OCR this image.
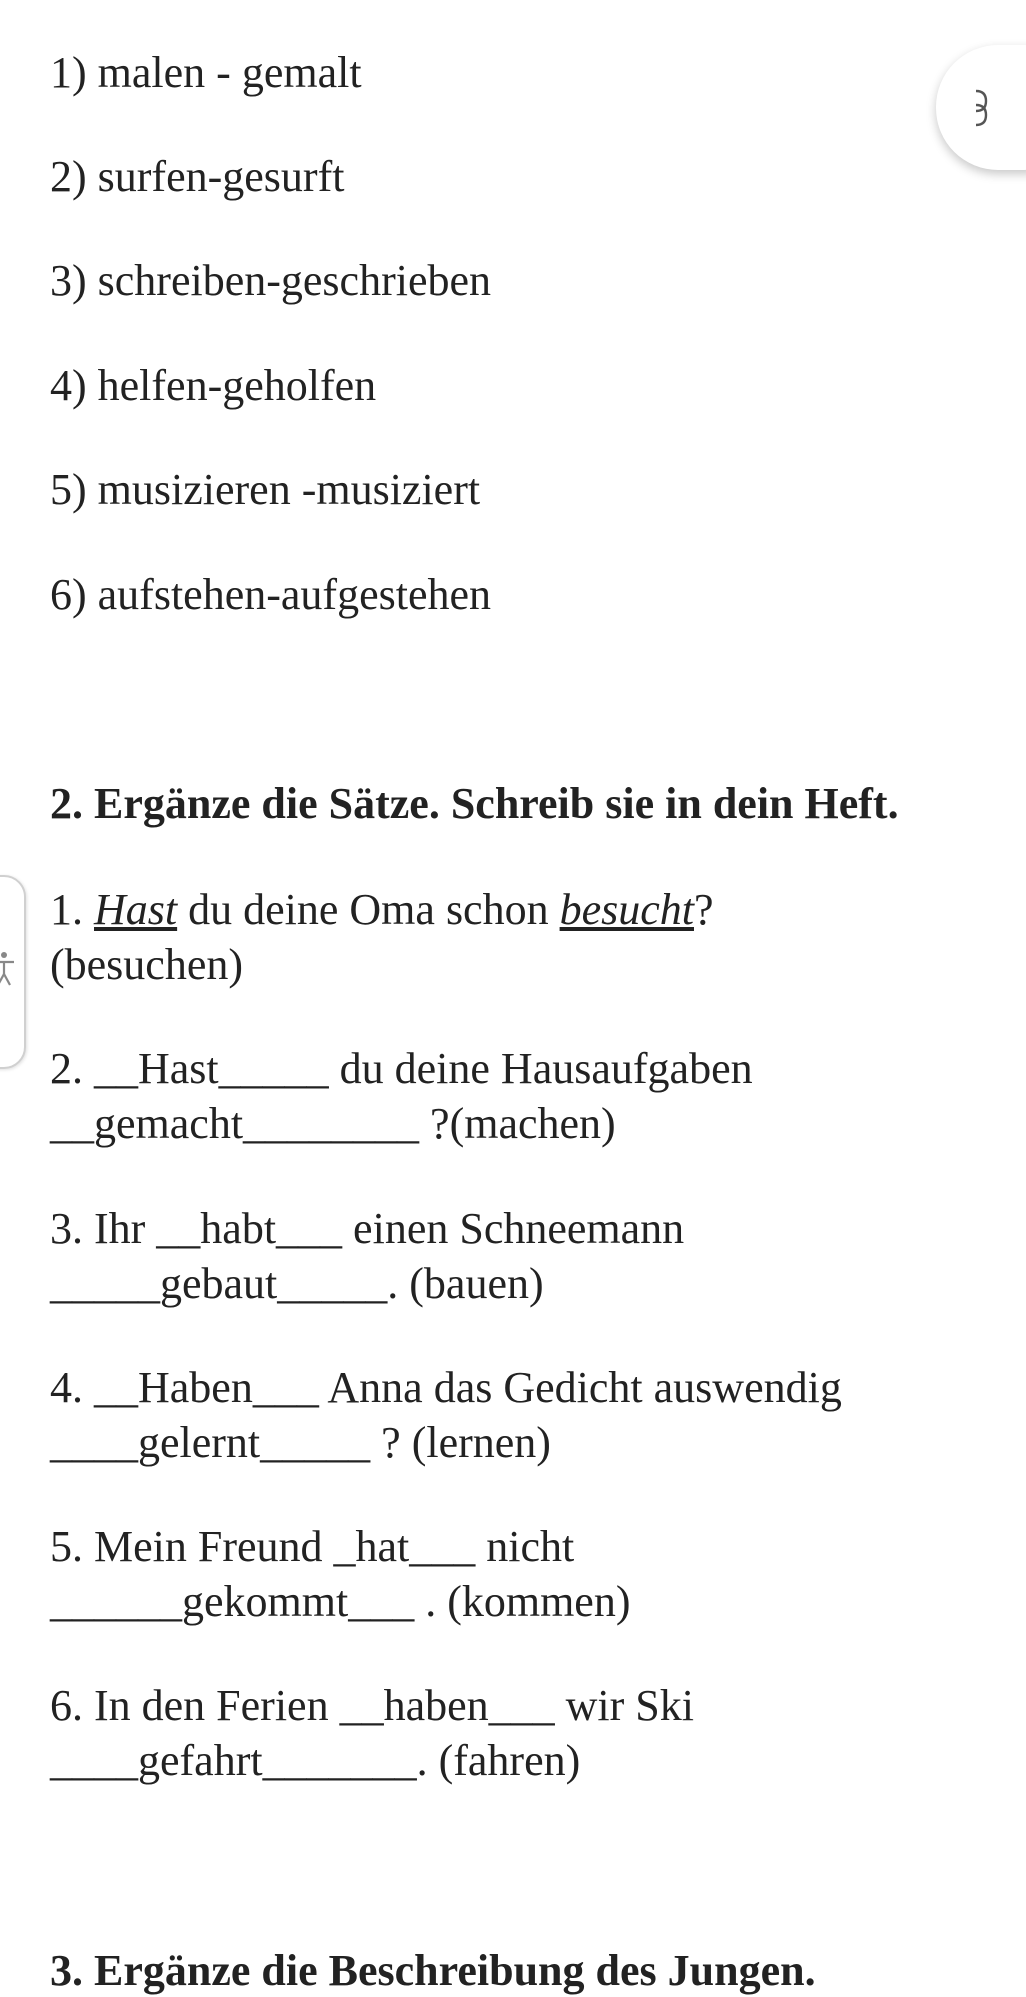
1) malen - gemalt
2) surfen-gesurft
3) schreiben-geschrieben
4) helfen-geholfen
5) musizieren -musiziert
6) aufstehen-aufgestehen
2. Ergänze die Sätze. Schreib sie in dein Heft.
1. Hast du deine Oma schon besucht?
(besuchen)
2. __Hast_____ du deine Hausaufgaben
__gemacht________ ?(machen)
3. Ihr __habt___ einen Schneemann
_____gebaut_____. (bauen)
4. __Haben___ Anna das Gedicht auswendig
____gelernt_____ ? (lernen)
5. Mein Freund _hat___ nicht
______gekommt___ . (kommen)
6. In den Ferien __haben___ wir Ski
____gefahrt_______. (fahren)
3. Ergänze die Beschreibung des Jungen.
